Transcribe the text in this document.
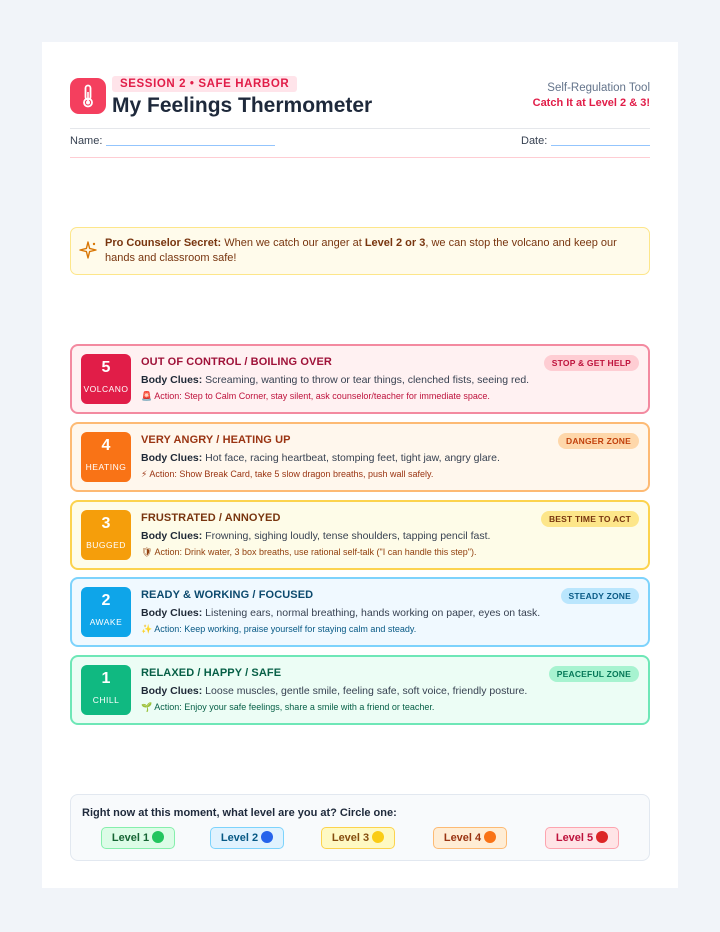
SESSION 2 • SAFE HARBOR
My Feelings Thermometer
Self-Regulation Tool
Catch It at Level 2 & 3!
Name:	Date:
Pro Counselor Secret: When we catch our anger at Level 2 or 3, we can stop the volcano and keep our hands and classroom safe!
5
VOLCANO
OUT OF CONTROL / BOILING OVER	STOP & GET HELP
Body Clues: Screaming, wanting to throw or tear things, clenched fists, seeing red.
🚨 Action: Step to Calm Corner, stay silent, ask counselor/teacher for immediate space.
4
HEATING
VERY ANGRY / HEATING UP	DANGER ZONE
Body Clues: Hot face, racing heartbeat, stomping feet, tight jaw, angry glare.
⚡ Action: Show Break Card, take 5 slow dragon breaths, push wall safely.
3
BUGGED
FRUSTRATED / ANNOYED	BEST TIME TO ACT
Body Clues: Frowning, sighing loudly, tense shoulders, tapping pencil fast.
🛡 Action: Drink water, 3 box breaths, use rational self-talk ("I can handle this step").
2
AWAKE
READY & WORKING / FOCUSED	STEADY ZONE
Body Clues: Listening ears, normal breathing, hands working on paper, eyes on task.
✨ Action: Keep working, praise yourself for staying calm and steady.
1
CHILL
RELAXED / HAPPY / SAFE	PEACEFUL ZONE
Body Clues: Loose muscles, gentle smile, feeling safe, soft voice, friendly posture.
🌱 Action: Enjoy your safe feelings, share a smile with a friend or teacher.
Right now at this moment, what level are you at? Circle one:
Level 1	Level 2	Level 3	Level 4	Level 5
